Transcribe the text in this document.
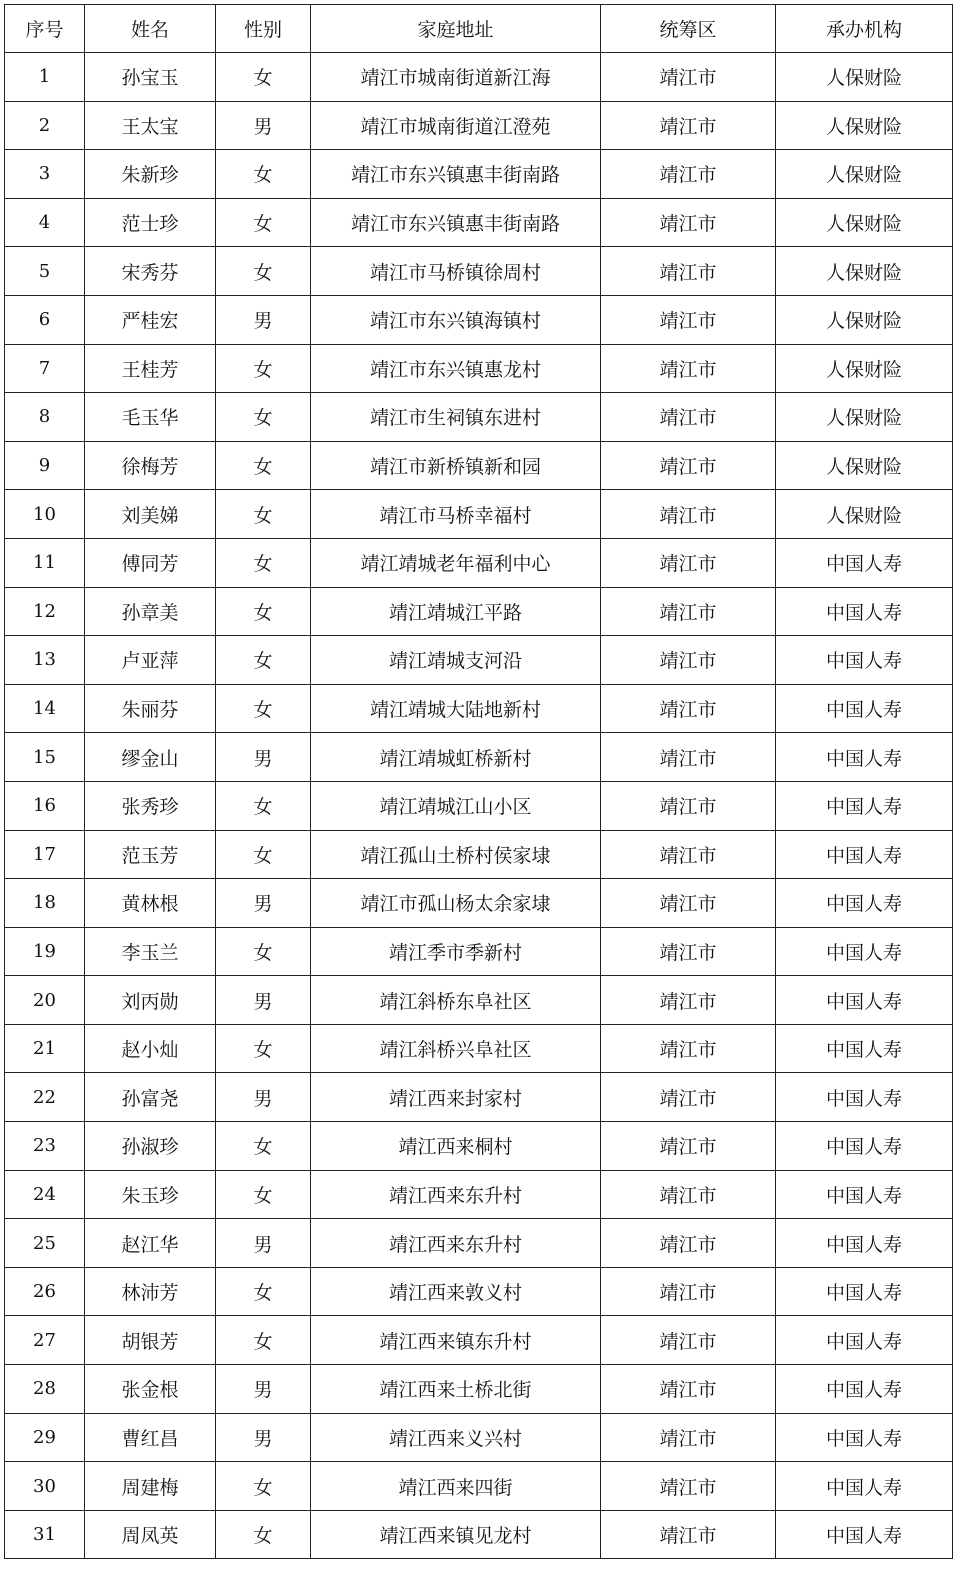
序号	姓名	性别	家庭地址	统筹区	承办机构
1	孙宝玉	女	靖江市城南街道新江海	靖江市	人保财险
2	王太宝	男	靖江市城南街道江澄苑	靖江市	人保财险
3	朱新珍	女	靖江市东兴镇惠丰街南路	靖江市	人保财险
4	范士珍	女	靖江市东兴镇惠丰街南路	靖江市	人保财险
5	宋秀芬	女	靖江市马桥镇徐周村	靖江市	人保财险
6	严桂宏	男	靖江市东兴镇海镇村	靖江市	人保财险
7	王桂芳	女	靖江市东兴镇惠龙村	靖江市	人保财险
8	毛玉华	女	靖江市生祠镇东进村	靖江市	人保财险
9	徐梅芳	女	靖江市新桥镇新和园	靖江市	人保财险
10	刘美娣	女	靖江市马桥幸福村	靖江市	人保财险
11	傅同芳	女	靖江靖城老年福利中心	靖江市	中国人寿
12	孙章美	女	靖江靖城江平路	靖江市	中国人寿
13	卢亚萍	女	靖江靖城支河沿	靖江市	中国人寿
14	朱丽芬	女	靖江靖城大陆地新村	靖江市	中国人寿
15	缪金山	男	靖江靖城虹桥新村	靖江市	中国人寿
16	张秀珍	女	靖江靖城江山小区	靖江市	中国人寿
17	范玉芳	女	靖江孤山土桥村侯家埭	靖江市	中国人寿
18	黄林根	男	靖江市孤山杨太余家埭	靖江市	中国人寿
19	李玉兰	女	靖江季市季新村	靖江市	中国人寿
20	刘丙勋	男	靖江斜桥东阜社区	靖江市	中国人寿
21	赵小灿	女	靖江斜桥兴阜社区	靖江市	中国人寿
22	孙富尧	男	靖江西来封家村	靖江市	中国人寿
23	孙淑珍	女	靖江西来桐村	靖江市	中国人寿
24	朱玉珍	女	靖江西来东升村	靖江市	中国人寿
25	赵江华	男	靖江西来东升村	靖江市	中国人寿
26	林沛芳	女	靖江西来敦义村	靖江市	中国人寿
27	胡银芳	女	靖江西来镇东升村	靖江市	中国人寿
28	张金根	男	靖江西来土桥北街	靖江市	中国人寿
29	曹红昌	男	靖江西来义兴村	靖江市	中国人寿
30	周建梅	女	靖江西来四街	靖江市	中国人寿
31	周凤英	女	靖江西来镇见龙村	靖江市	中国人寿
